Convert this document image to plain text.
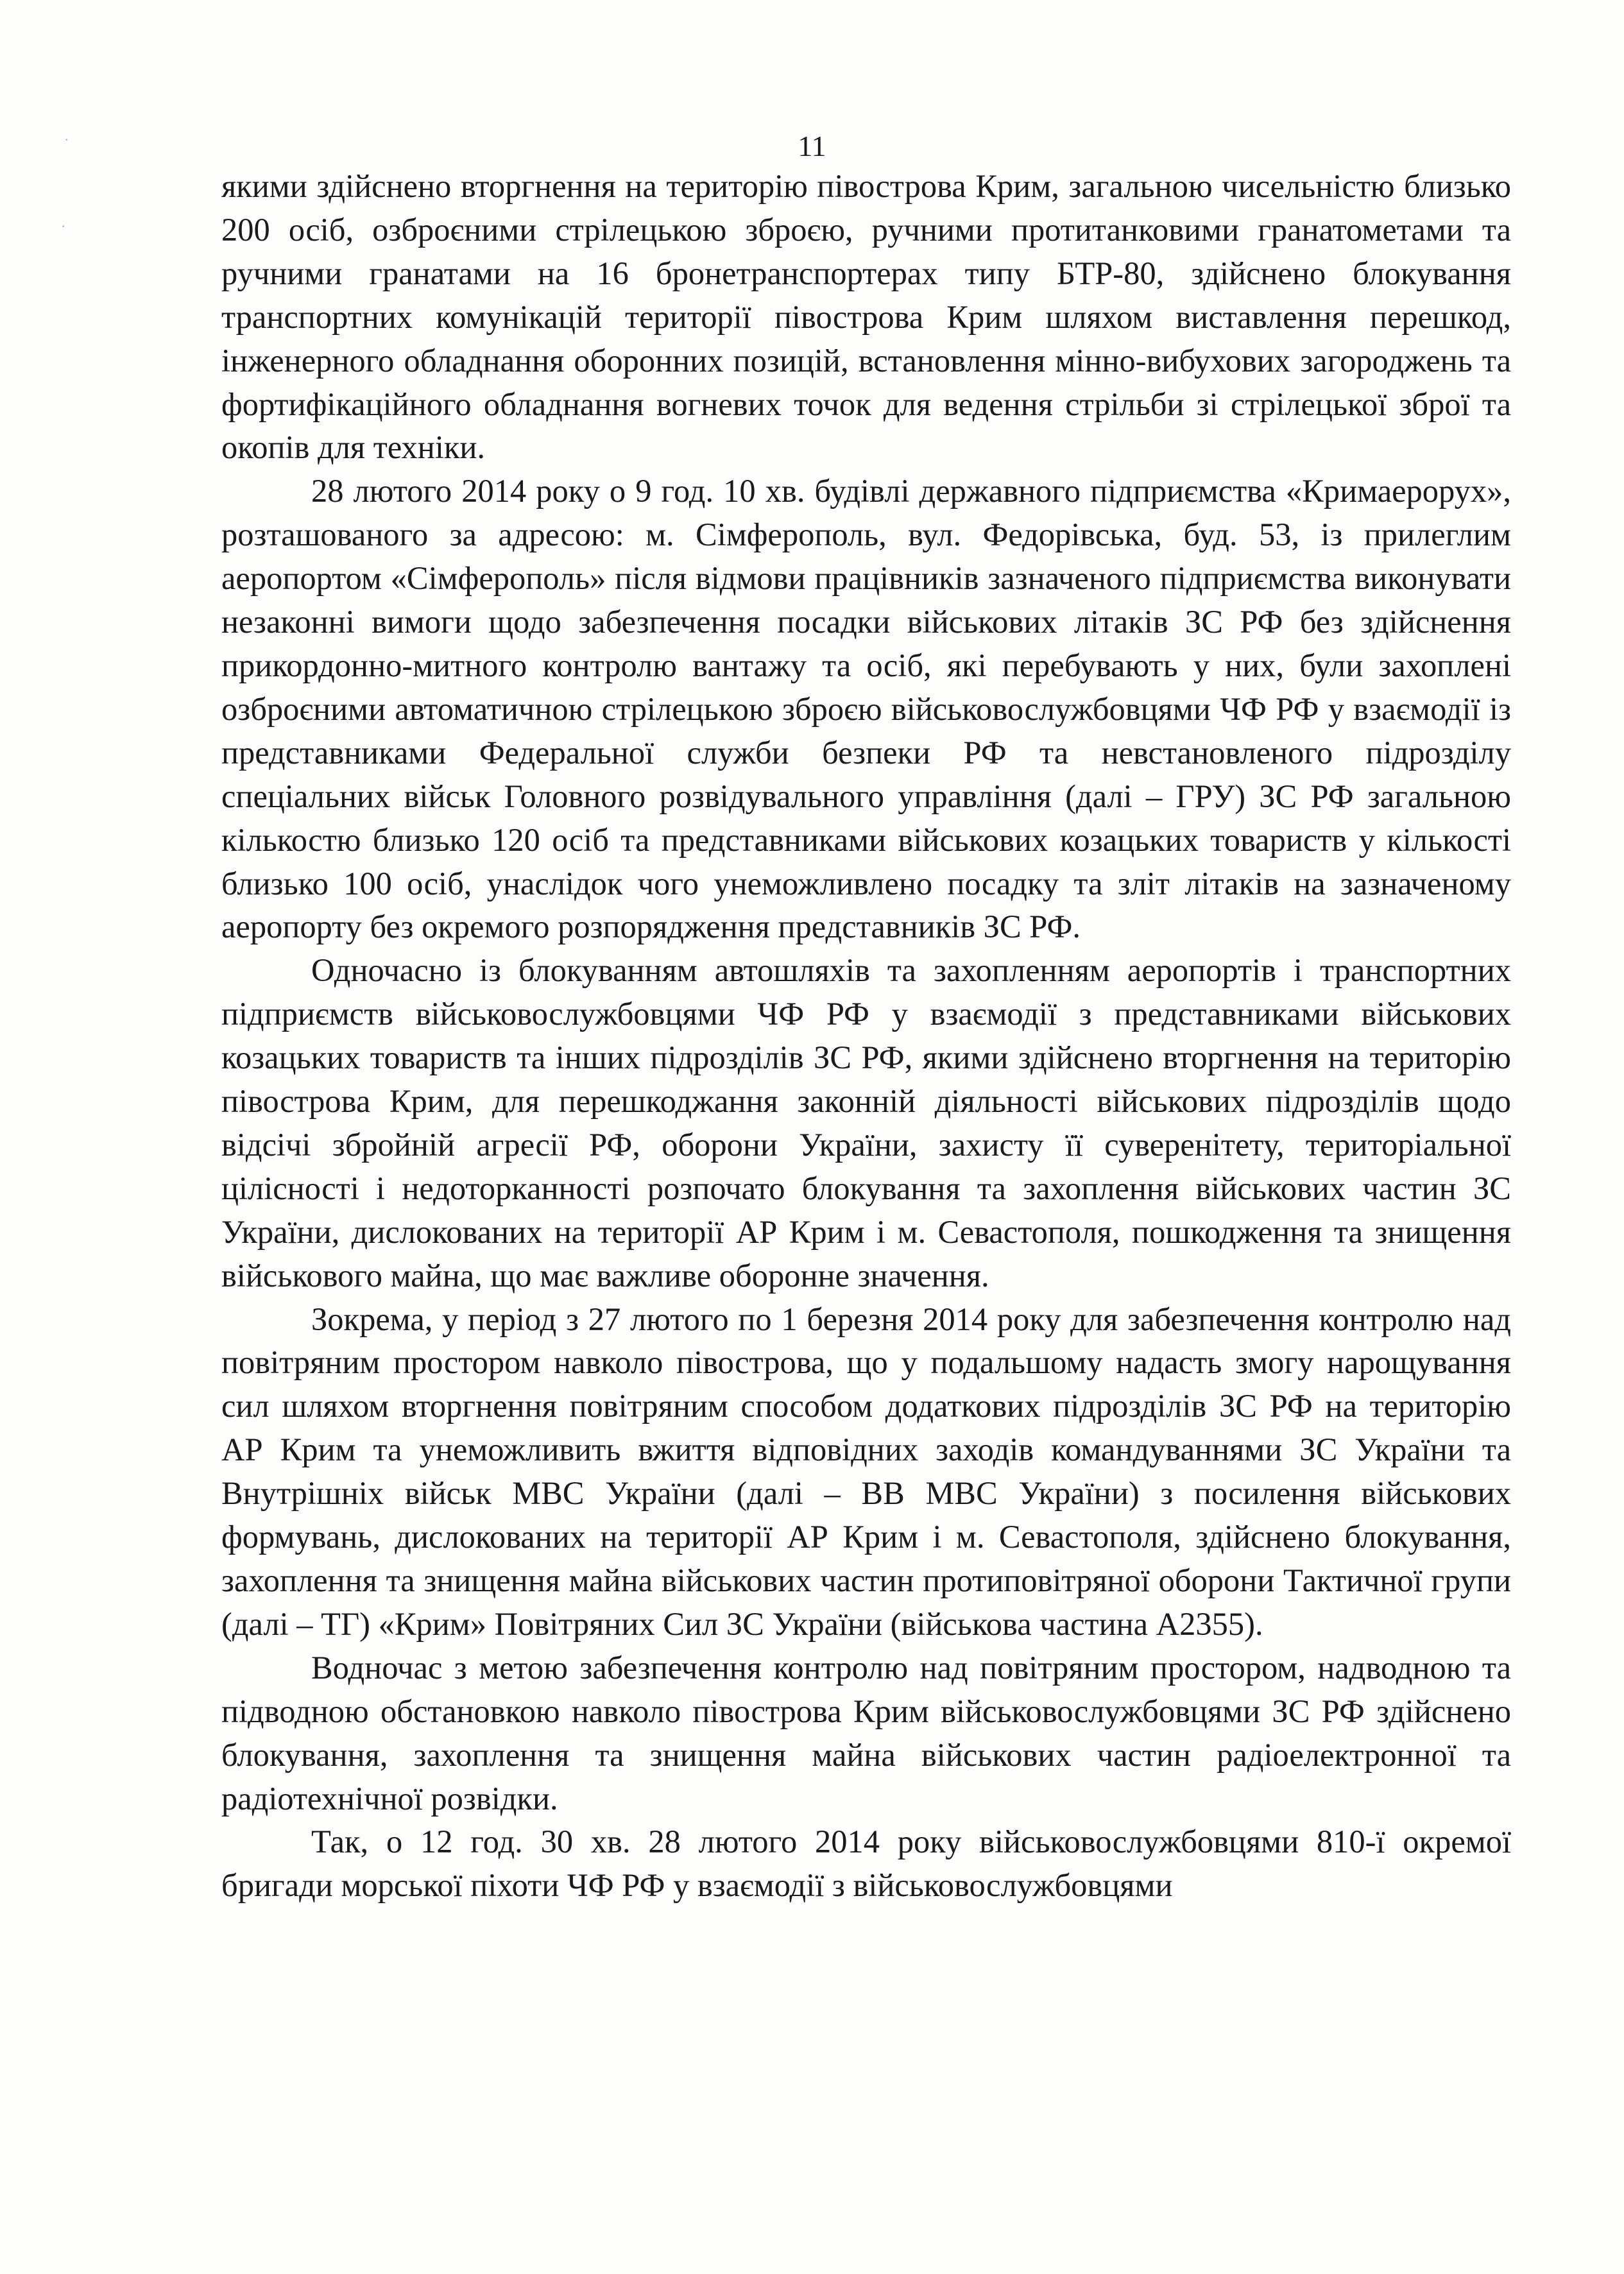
·
·
11

якими здійснено вторгнення на територію півострова Крим, загальною чисельністю близько 200 осіб, озброєними стрілецькою зброєю, ручними протитанковими гранатометами та ручними гранатами на 16 бронетранспортерах типу БТР-80, здійснено блокування транспортних комунікацій території півострова Крим шляхом виставлення перешкод, інженерного обладнання оборонних позицій, встановлення мінно-вибухових загороджень та фортифікаційного обладнання вогневих точок для ведення стрільби зі стрілецької зброї та окопів для техніки.

28 лютого 2014 року о 9 год. 10 хв. будівлі державного підприємства «Кримаерорух», розташованого за адресою: м. Сімферополь, вул. Федорівська, буд. 53, із прилеглим аеропортом «Сімферополь» після відмови працівників зазначеного підприємства виконувати незаконні вимоги щодо забезпечення посадки військових літаків ЗС РФ без здійснення прикордонно-митного контролю вантажу та осіб, які перебувають у них, були захоплені озброєними автоматичною стрілецькою зброєю військовослужбовцями ЧФ РФ у взаємодії із представниками Федеральної служби безпеки РФ та невстановленого підрозділу спеціальних військ Головного розвідувального управління (далі – ГРУ) ЗС РФ загальною кількостю близько 120 осіб та представниками військових козацьких товариств у кількості близько 100 осіб, унаслідок чого унеможливлено посадку та зліт літаків на зазначеному аеропорту без окремого розпорядження представників ЗС РФ.

Одночасно із блокуванням автошляхів та захопленням аеропортів і транспортних підприємств військовослужбовцями ЧФ РФ у взаємодії з представниками військових козацьких товариств та інших підрозділів ЗС РФ, якими здійснено вторгнення на територію півострова Крим, для перешкоджання законній діяльності військових підрозділів щодо відсічі збройній агресії РФ, оборони України, захисту її суверенітету, територіальної цілісності і недоторканності розпочато блокування та захоплення військових частин ЗС України, дислокованих на території АР Крим і м. Севастополя, пошкодження та знищення військового майна, що має важливе оборонне значення.

Зокрема, у період з 27 лютого по 1 березня 2014 року для забезпечення контролю над повітряним простором навколо півострова, що у подальшому надасть змогу нарощування сил шляхом вторгнення повітряним способом додаткових підрозділів ЗС РФ на територію АР Крим та унеможливить вжиття відповідних заходів командуваннями ЗС України та Внутрішніх військ МВС України (далі – ВВ МВС України) з посилення військових формувань, дислокованих на території АР Крим і м. Севастополя, здійснено блокування, захоплення та знищення майна військових частин протиповітряної оборони Тактичної групи (далі – ТГ) «Крим» Повітряних Сил ЗС України (військова частина А2355).

Водночас з метою забезпечення контролю над повітряним простором, надводною та підводною обстановкою навколо півострова Крим військовослужбовцями ЗС РФ здійснено блокування, захоплення та знищення майна військових частин радіоелектронної та радіотехнічної розвідки.

Так, о 12 год. 30 хв. 28 лютого 2014 року військовослужбовцями 810-ї окремої бригади морської піхоти ЧФ РФ у взаємодії з військовослужбовцями
